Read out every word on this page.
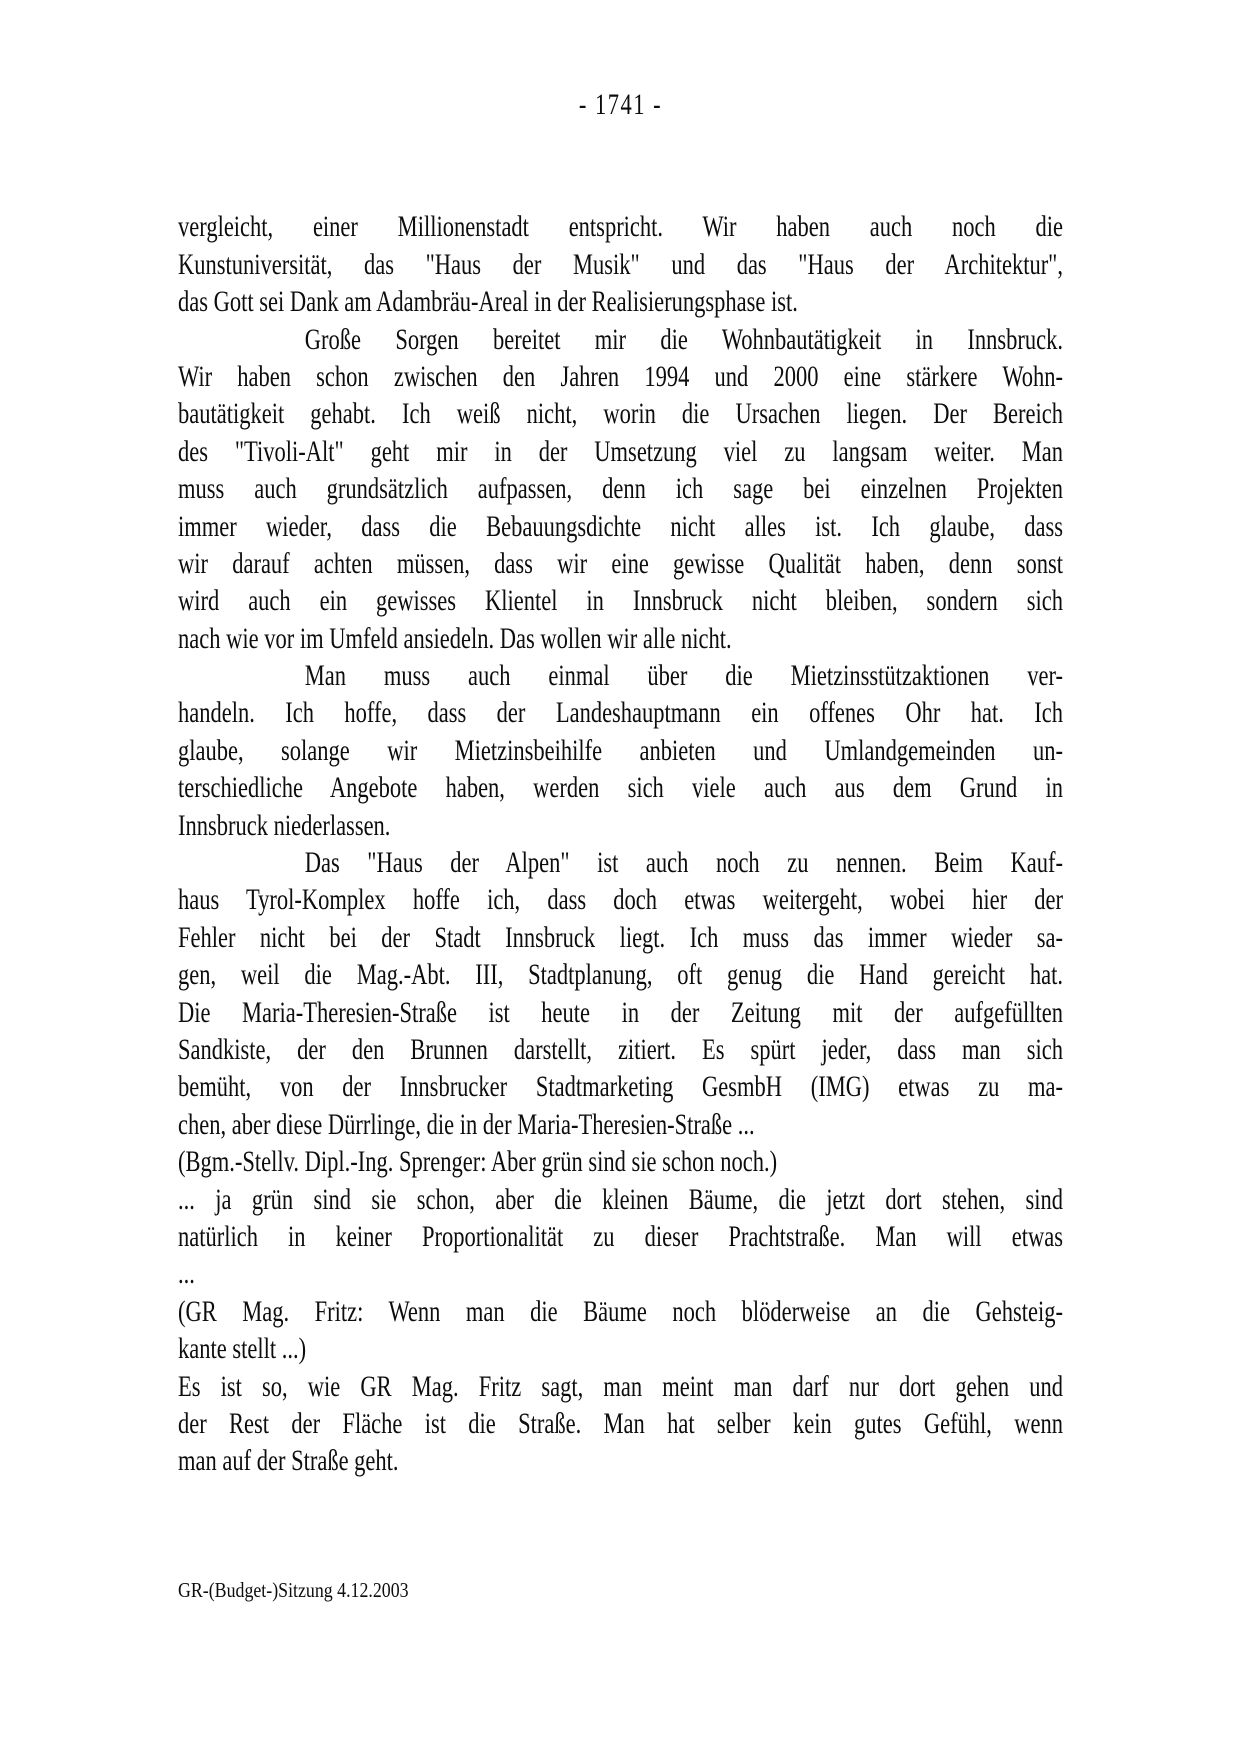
- 1741 -
vergleicht, einer Millionenstadt entspricht. Wir haben auch noch die
Kunstuniversität, das "Haus der Musik" und das "Haus der Architektur",
das Gott sei Dank am Adambräu-Areal in der Realisierungsphase ist.
Große Sorgen bereitet mir die Wohnbautätigkeit in Innsbruck.
Wir haben schon zwischen den Jahren 1994 und 2000 eine stärkere Wohn-
bautätigkeit gehabt. Ich weiß nicht, worin die Ursachen liegen. Der Bereich
des "Tivoli-Alt" geht mir in der Umsetzung viel zu langsam weiter. Man
muss auch grundsätzlich aufpassen, denn ich sage bei einzelnen Projekten
immer wieder, dass die Bebauungsdichte nicht alles ist. Ich glaube, dass
wir darauf achten müssen, dass wir eine gewisse Qualität haben, denn sonst
wird auch ein gewisses Klientel in Innsbruck nicht bleiben, sondern sich
nach wie vor im Umfeld ansiedeln. Das wollen wir alle nicht.
Man muss auch einmal über die Mietzinsstützaktionen ver-
handeln. Ich hoffe, dass der Landeshauptmann ein offenes Ohr hat. Ich
glaube, solange wir Mietzinsbeihilfe anbieten und Umlandgemeinden un-
terschiedliche Angebote haben, werden sich viele auch aus dem Grund in
Innsbruck niederlassen.
Das "Haus der Alpen" ist auch noch zu nennen. Beim Kauf-
haus Tyrol-Komplex hoffe ich, dass doch etwas weitergeht, wobei hier der
Fehler nicht bei der Stadt Innsbruck liegt. Ich muss das immer wieder sa-
gen, weil die Mag.-Abt. III, Stadtplanung, oft genug die Hand gereicht hat.
Die Maria-Theresien-Straße ist heute in der Zeitung mit der aufgefüllten
Sandkiste, der den Brunnen darstellt, zitiert. Es spürt jeder, dass man sich
bemüht, von der Innsbrucker Stadtmarketing GesmbH (IMG) etwas zu ma-
chen, aber diese Dürrlinge, die in der Maria-Theresien-Straße ...
(Bgm.-Stellv. Dipl.-Ing. Sprenger: Aber grün sind sie schon noch.)
... ja grün sind sie schon, aber die kleinen Bäume, die jetzt dort stehen, sind
natürlich in keiner Proportionalität zu dieser Prachtstraße. Man will etwas
...
(GR Mag. Fritz: Wenn man die Bäume noch blöderweise an die Gehsteig-
kante stellt ...)
Es ist so, wie GR Mag. Fritz sagt, man meint man darf nur dort gehen und
der Rest der Fläche ist die Straße. Man hat selber kein gutes Gefühl, wenn
man auf der Straße geht.
GR-(Budget-)Sitzung 4.12.2003
